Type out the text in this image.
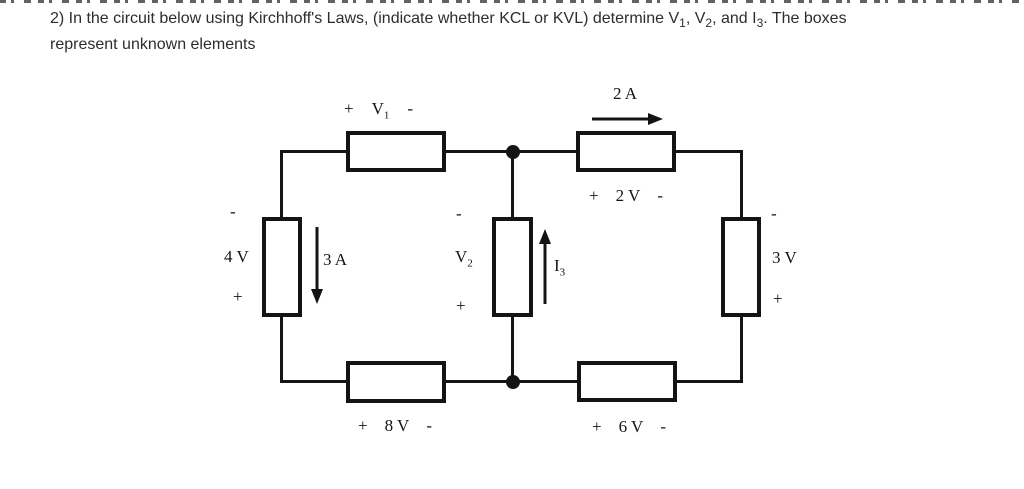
2) In the circuit below using Kirchhoff's Laws, (indicate whether KCL or KVL) determine $V_1$, $V_2$, and $I_3$. The boxes
represent unknown elements
+ $V_1$ -
2 A
+ 2 V -
-
4 V
+
3 A
-
$V_2$
+
$I_3$
-
3 V
+
+ 8 V -	+ 6 V -
